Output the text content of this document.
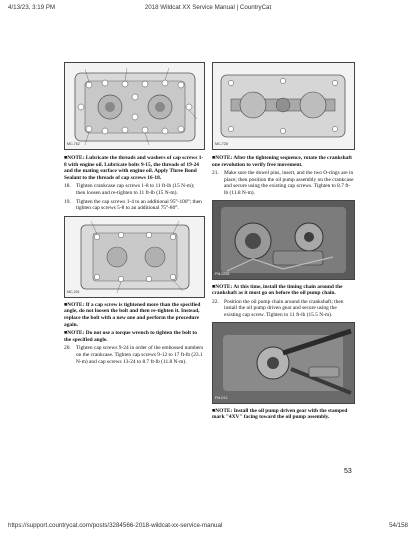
4/13/23, 3:19 PM	2018 Wildcat XX Service Manual | CountryCat
MC-762

■NOTE: Lubricate the threads and washers of cap screws 1-8 with engine oil. Lubricate bolts 9-15, the threads of 19-24 and the mating surface with engine oil. Apply Three Bond Sealant to the threads of cap screws 16-18.

18. Tighten crankcase cap screws 1-8 to 11 ft-lb (15 N-m); then loosen and re-tighten to 11 ft-lb (15 N-m).
19. Tighten the cap screws 1-4 to an additional 95°-100°; then tighten cap screws 5-8 to an additional 75°-80°.
MC-201

■NOTE: If a cap screw is tightened more than the specified angle, do not loosen the bolt and then re-tighten it. Instead, replace the bolt with a new one and perform the procedure again.

■NOTE: Do not use a torque wrench to tighten the bolt to the specified angle.

20. Tighten cap screws 9-24 in order of the embossed numbers on the crankcase. Tighten cap screws 9-12 to 17 ft-lb (23.1 N-m) and cap screws 13-24 to 8.7 ft-lb (11.8 N-m).
MC-728

■NOTE: After the tightening sequence, rotate the crankshaft one revolution to verify free movement.

21. Make sure the dowel pins, insert, and the two O-rings are in place; then position the oil pump assembly on the crankcase and secure using the existing cap screws. Tighten to 8.7 ft-lb (11.8 N-m).
FM-0258

■NOTE: At this time, install the timing chain around the crankshaft as it must go on before the oil pump chain.

22. Position the oil pump chain around the crankshaft; then install the oil pump driven gear and secure using the existing cap screw. Tighten to 11 ft-lb (15.5 N-m).
FM-013

■NOTE: Install the oil pump driven gear with the stamped mark "4XV" facing toward the oil pump assembly.

53
https://support.countrycat.com/posts/3284566-2018-wildcat-xx-service-manual	54/158
